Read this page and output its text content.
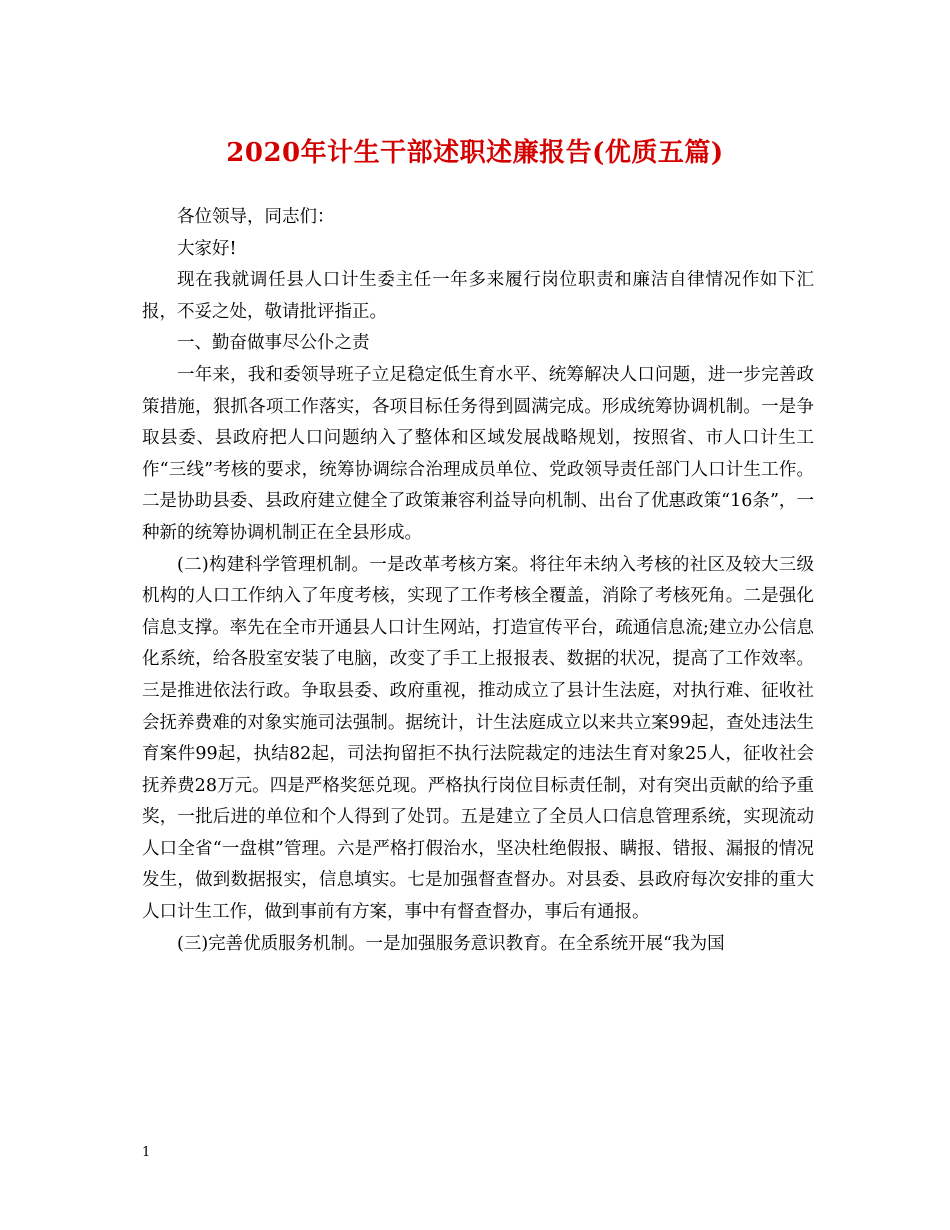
2020年计生干部述职述廉报告(优质五篇)

各位领导，同志们：

大家好!

现在我就调任县人口计生委主任一年多来履行岗位职责和廉洁自律情况作如下汇报，不妥之处，敬请批评指正。

一、勤奋做事尽公仆之责

一年来，我和委领导班子立足稳定低生育水平、统筹解决人口问题，进一步完善政策措施，狠抓各项工作落实，各项目标任务得到圆满完成。形成统筹协调机制。一是争取县委、县政府把人口问题纳入了整体和区域发展战略规划，按照省、市人口计生工作“三线”考核的要求，统筹协调综合治理成员单位、党政领导责任部门人口计生工作。二是协助县委、县政府建立健全了政策兼容利益导向机制、出台了优惠政策“16条”，一种新的统筹协调机制正在全县形成。

(二)构建科学管理机制。一是改革考核方案。将往年未纳入考核的社区及较大三级机构的人口工作纳入了年度考核，实现了工作考核全覆盖，消除了考核死角。二是强化信息支撑。率先在全市开通县人口计生网站，打造宣传平台，疏通信息流;建立办公信息化系统，给各股室安装了电脑，改变了手工上报报表、数据的状况，提高了工作效率。三是推进依法行政。争取县委、政府重视，推动成立了县计生法庭，对执行难、征收社会抚养费难的对象实施司法强制。据统计，计生法庭成立以来共立案99起，查处违法生育案件99起，执结82起，司法拘留拒不执行法院裁定的违法生育对象25人，征收社会抚养费28万元。四是严格奖惩兑现。严格执行岗位目标责任制，对有突出贡献的给予重奖，一批后进的单位和个人得到了处罚。五是建立了全员人口信息管理系统，实现流动人口全省“一盘棋”管理。六是严格打假治水，坚决杜绝假报、瞒报、错报、漏报的情况发生，做到数据报实，信息填实。七是加强督查督办。对县委、县政府每次安排的重大人口计生工作，做到事前有方案，事中有督查督办，事后有通报。

(三)完善优质服务机制。一是加强服务意识教育。在全系统开展“我为国

1
